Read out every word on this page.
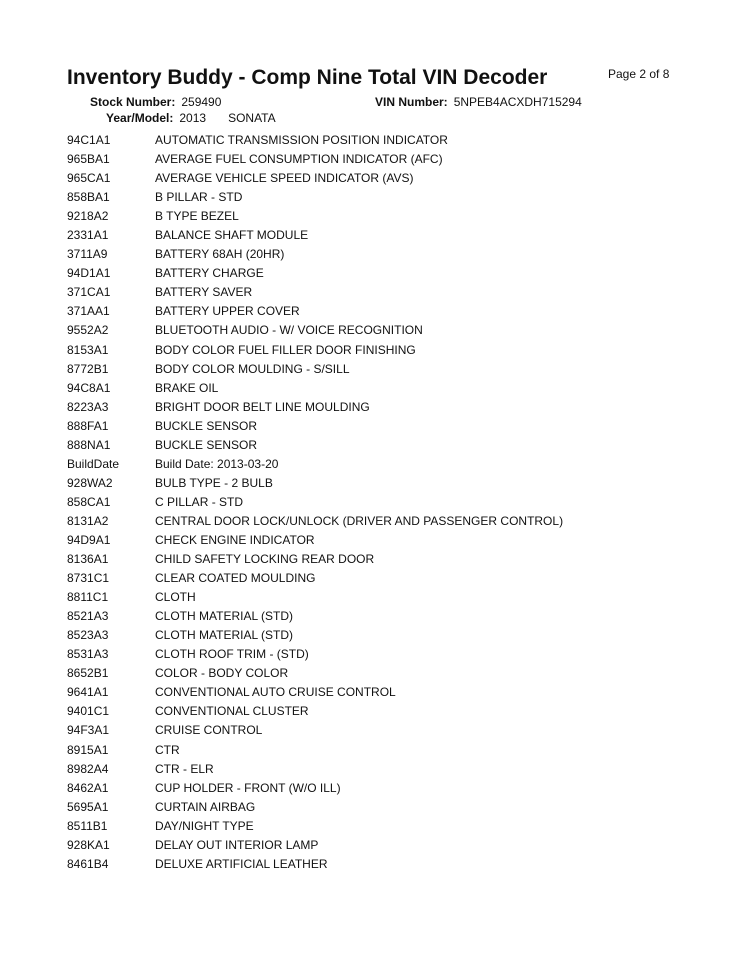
Inventory Buddy - Comp Nine Total VIN Decoder	Page 2 of 8
Stock Number: 259490	VIN Number: 5NPEB4ACXDH715294
Year/Model: 2013 SONATA
94C1A1	AUTOMATIC TRANSMISSION POSITION INDICATOR
965BA1	AVERAGE FUEL CONSUMPTION INDICATOR (AFC)
965CA1	AVERAGE VEHICLE SPEED INDICATOR (AVS)
858BA1	B PILLAR - STD
9218A2	B TYPE BEZEL
2331A1	BALANCE SHAFT MODULE
3711A9	BATTERY 68AH (20HR)
94D1A1	BATTERY CHARGE
371CA1	BATTERY SAVER
371AA1	BATTERY UPPER COVER
9552A2	BLUETOOTH AUDIO - W/ VOICE RECOGNITION
8153A1	BODY COLOR FUEL FILLER DOOR FINISHING
8772B1	BODY COLOR MOULDING - S/SILL
94C8A1	BRAKE OIL
8223A3	BRIGHT DOOR BELT LINE MOULDING
888FA1	BUCKLE SENSOR
888NA1	BUCKLE SENSOR
BuildDate	Build Date: 2013-03-20
928WA2	BULB TYPE - 2 BULB
858CA1	C PILLAR - STD
8131A2	CENTRAL DOOR LOCK/UNLOCK (DRIVER AND PASSENGER CONTROL)
94D9A1	CHECK ENGINE INDICATOR
8136A1	CHILD SAFETY LOCKING REAR DOOR
8731C1	CLEAR COATED MOULDING
8811C1	CLOTH
8521A3	CLOTH MATERIAL (STD)
8523A3	CLOTH MATERIAL (STD)
8531A3	CLOTH ROOF TRIM - (STD)
8652B1	COLOR - BODY COLOR
9641A1	CONVENTIONAL AUTO CRUISE CONTROL
9401C1	CONVENTIONAL CLUSTER
94F3A1	CRUISE CONTROL
8915A1	CTR
8982A4	CTR - ELR
8462A1	CUP HOLDER - FRONT (W/O ILL)
5695A1	CURTAIN AIRBAG
8511B1	DAY/NIGHT TYPE
928KA1	DELAY OUT INTERIOR LAMP
8461B4	DELUXE ARTIFICIAL LEATHER
